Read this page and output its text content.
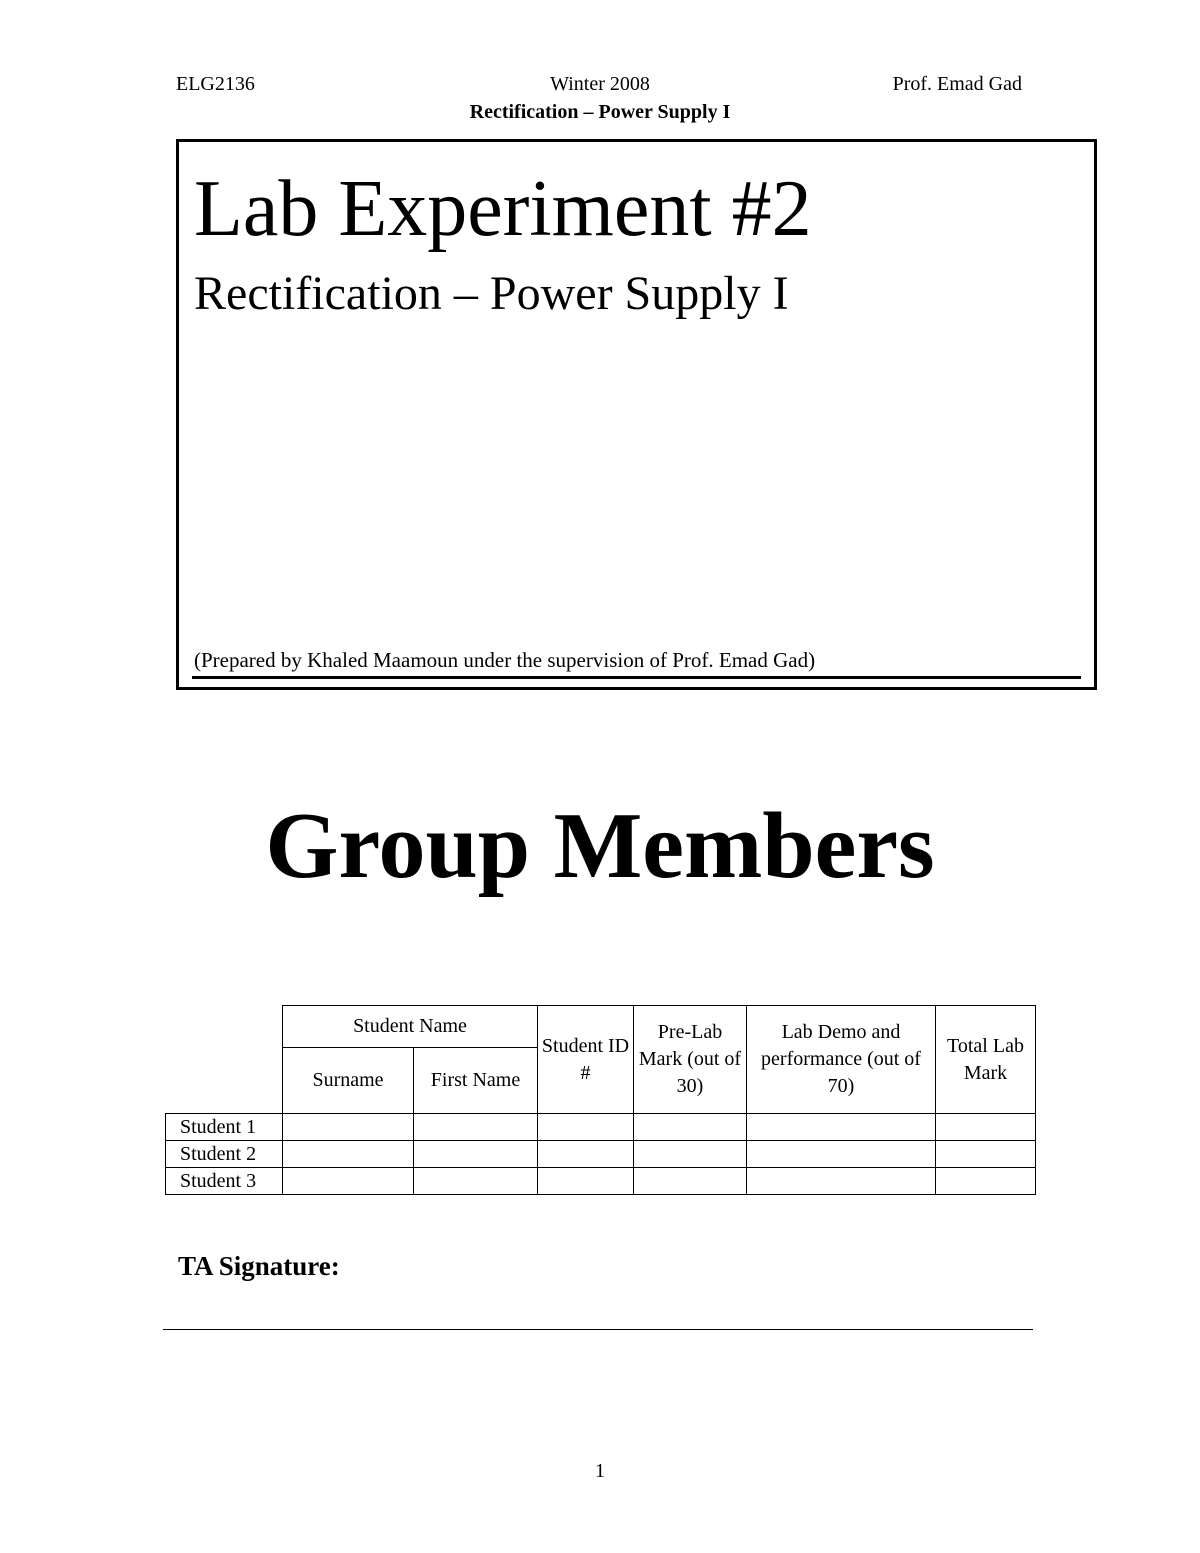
ELG2136	Winter 2008	Prof. Emad Gad
Rectification – Power Supply I
Lab Experiment #2
Rectification – Power Supply I
(Prepared by Khaled Maamoun under the supervision of Prof. Emad Gad)
Group Members
	Student Name		Student ID #	Pre-Lab Mark (out of 30)	Lab Demo and performance (out of 70)	Total Lab Mark
	Surname	First Name				
Student 1						
Student 2						
Student 3						
TA Signature:
1
